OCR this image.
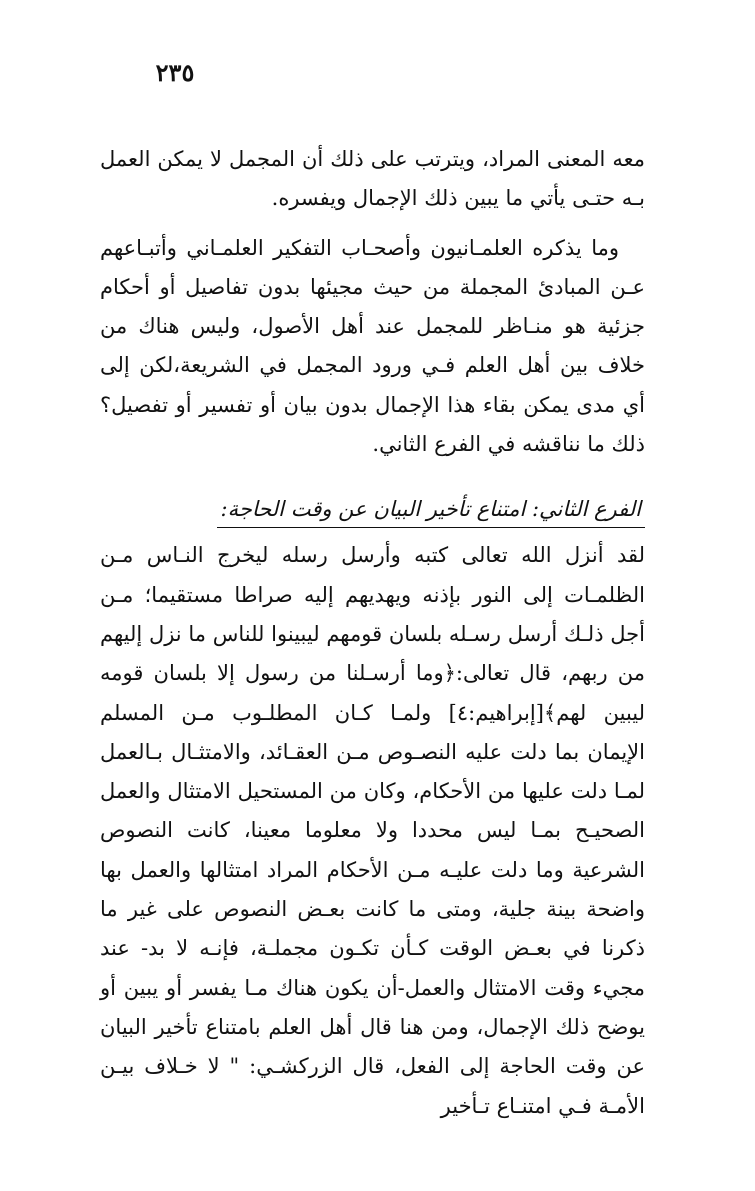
٢٣٥

معه المعنى المراد، ويترتب على ذلك أن المجمل لا يمكن العمل بـه حتـى يأتي ما يبين ذلك الإجمال ويفسره.

وما يذكره العلمـانيون وأصحـاب التفكير العلمـاني وأتبـاعهم عـن المبادئ المجملة من حيث مجيئها بدون تفاصيل أو أحكام جزئية هو منـاظر للمجمل عند أهل الأصول، وليس هناك من خلاف بين أهل العلم فـي ورود المجمل في الشريعة،لكن إلى أي مدى يمكن بقاء هذا الإجمال بدون بيان أو تفسير أو تفصيل؟ ذلك ما نناقشه في الفرع الثاني.

الفرع الثاني: امتناع تأخير البيان عن وقت الحاجة:

لقد أنزل الله تعالى كتبه وأرسل رسله ليخرج النـاس مـن الظلمـات إلى النور بإذنه ويهديهم إليه صراطا مستقيما؛ مـن أجل ذلـك أرسل رسـله بلسان قومهم ليبينوا للناس ما نزل إليهم من ربهم، قال تعالى:﴿وما أرسـلنا من رسول إلا بلسان قومه ليبين لهم﴾[إبراهيم:٤] ولمـا كـان المطلـوب مـن المسلم الإيمان بما دلت عليه النصـوص مـن العقـائد، والامتثـال بـالعمل لمـا دلت عليها من الأحكام، وكان من المستحيل الامتثال والعمل الصحيـح بمـا ليس محددا ولا معلوما معينا، كانت النصوص الشرعية وما دلت عليـه مـن الأحكام المراد امتثالها والعمل بها واضحة بينة جلية، ومتى ما كانت بعـض النصوص على غير ما ذكرنا في بعـض الوقت كـأن تكـون مجملـة، فإنـه لا بد- عند مجيء وقت الامتثال والعمل-أن يكون هناك مـا يفسر أو يبين أو يوضح ذلك الإجمال، ومن هنا قال أهل العلم بامتناع تأخير البيان عن وقت الحاجة إلى الفعل، قال الزركشـي: " لا خـلاف بيـن الأمـة فـي امتنـاع تـأخير
